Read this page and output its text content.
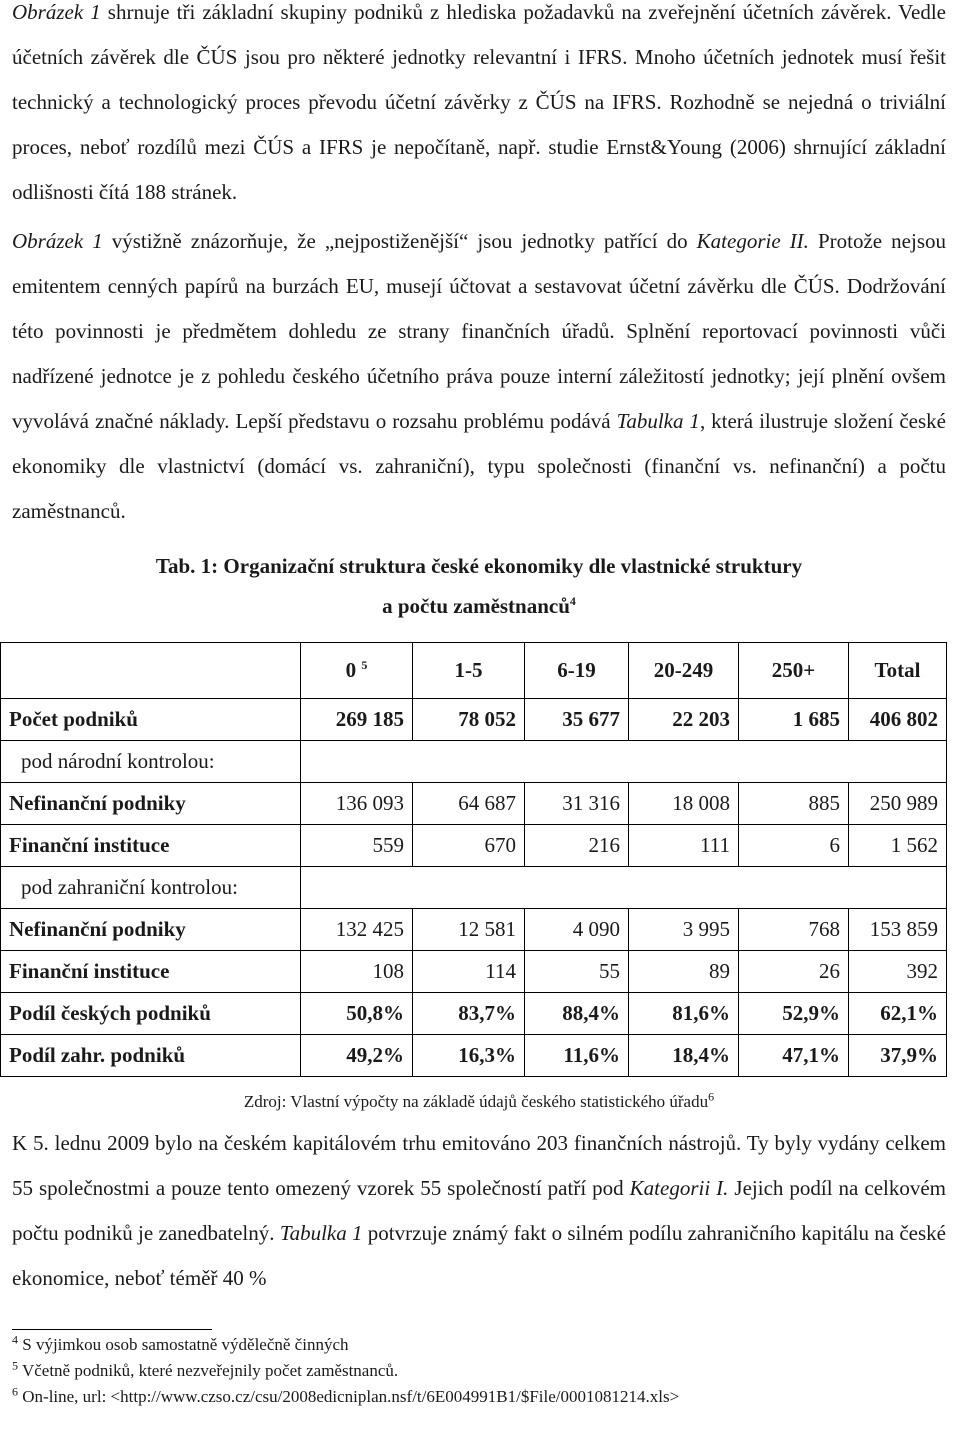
Obrázek 1 shrnuje tři základní skupiny podniků z hlediska požadavků na zveřejnění účetních závěrek. Vedle účetních závěrek dle ČÚS jsou pro některé jednotky relevantní i IFRS. Mnoho účetních jednotek musí řešit technický a technologický proces převodu účetní závěrky z ČÚS na IFRS. Rozhodně se nejedná o triviální proces, neboť rozdílů mezi ČÚS a IFRS je nepočítaně, např. studie Ernst&Young (2006) shrnující základní odlišnosti čítá 188 stránek.

Obrázek 1 výstižně znázorňuje, že „nejpostiženější“ jsou jednotky patřící do Kategorie II. Protože nejsou emitentem cenných papírů na burzách EU, musejí účtovat a sestavovat účetní závěrku dle ČÚS. Dodržování této povinnosti je předmětem dohledu ze strany finančních úřadů. Splnění reportovací povinnosti vůči nadřízené jednotce je z pohledu českého účetního práva pouze interní záležitostí jednotky; její plnění ovšem vyvolává značné náklady. Lepší představu o rozsahu problému podává Tabulka 1, která ilustruje složení české ekonomiky dle vlastnictví (domácí vs. zahraniční), typu společnosti (finanční vs. nefinanční) a počtu zaměstnanců.

Tab. 1: Organizační struktura české ekonomiky dle vlastnické struktury
a počtu zaměstnanců$^4$
	0 $^5$	1-5	6-19	20-249	250+	Total
Počet podniků	269 185	78 052	35 677	22 203	1 685	406 802
pod národní kontrolou:						
Nefinanční podniky	136 093	64 687	31 316	18 008	885	250 989
Finanční instituce	559	670	216	111	6	1 562
pod zahraniční kontrolou:						
Nefinanční podniky	132 425	12 581	4 090	3 995	768	153 859
Finanční instituce	108	114	55	89	26	392
Podíl českých podniků	50,8%	83,7%	88,4%	81,6%	52,9%	62,1%
Podíl zahr. podniků	49,2%	16,3%	11,6%	18,4%	47,1%	37,9%
Zdroj: Vlastní výpočty na základě údajů českého statistického úřadu$^6$

K 5. lednu 2009 bylo na českém kapitálovém trhu emitováno 203 finančních nástrojů. Ty byly vydány celkem 55 společnostmi a pouze tento omezený vzorek 55 společností patří pod Kategorii I. Jejich podíl na celkovém počtu podniků je zanedbatelný. Tabulka 1 potvrzuje známý fakt o silném podílu zahraničního kapitálu na české ekonomice, neboť téměř 40 %

$^4$ S výjimkou osob samostatně výdělečně činných
$^5$ Včetně podniků, které nezveřejnily počet zaměstnanců.
$^6$ On-line, url: <http://www.czso.cz/csu/2008edicniplan.nsf/t/6E004991B1/$File/0001081214.xls>
